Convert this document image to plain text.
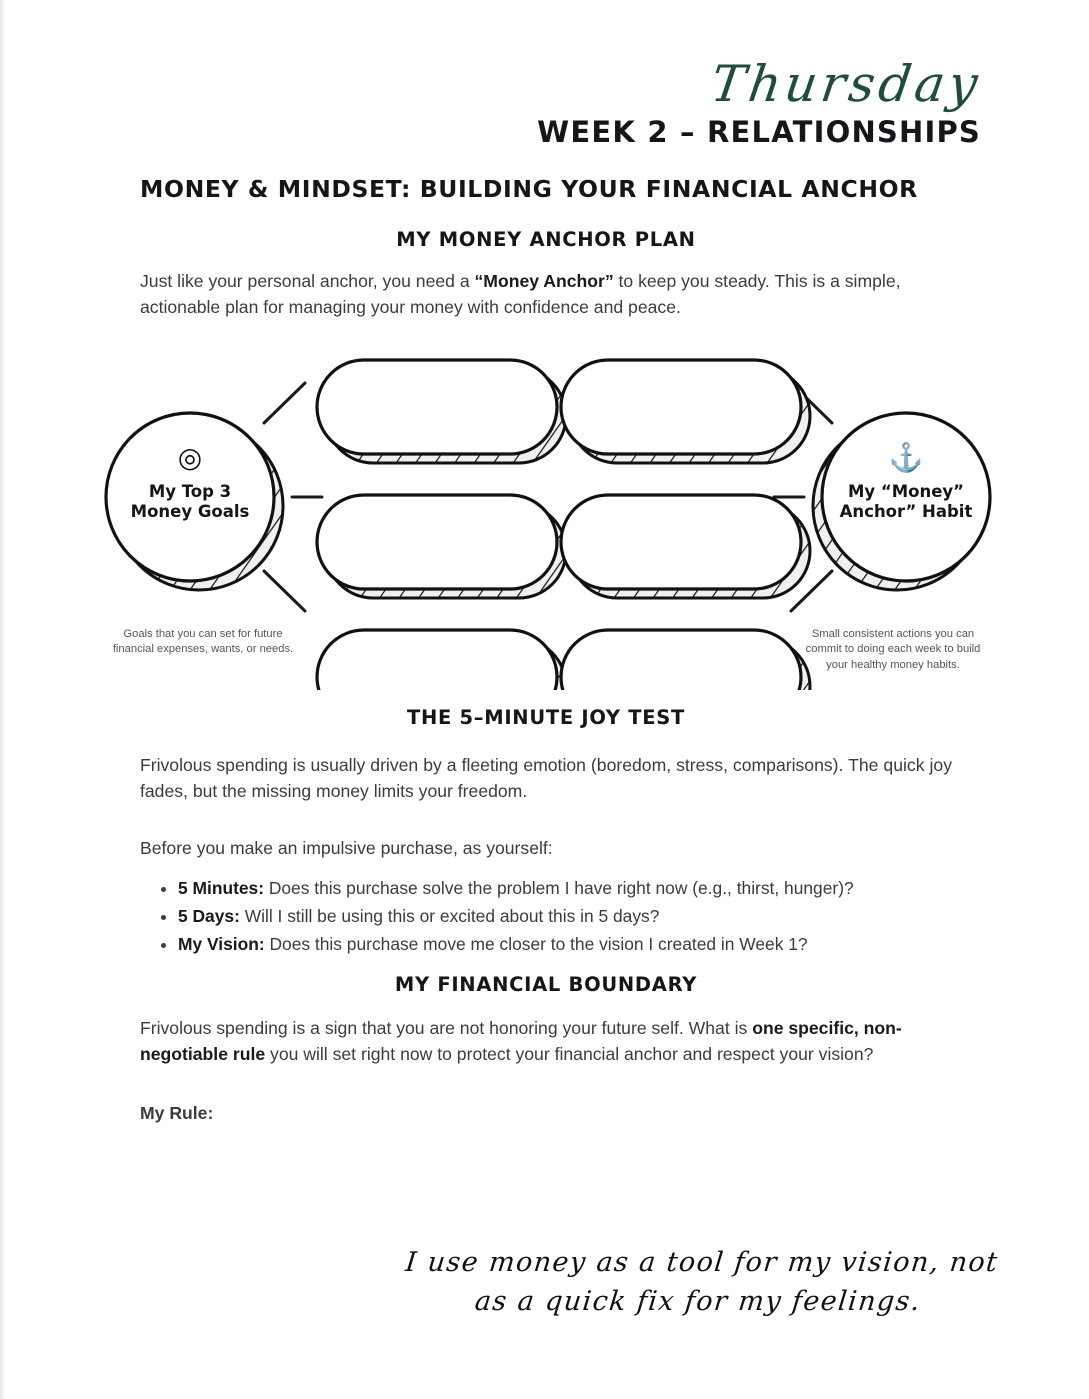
Thursday
WEEK 2 – RELATIONSHIPS
MONEY & MINDSET: BUILDING YOUR FINANCIAL ANCHOR
MY MONEY ANCHOR PLAN

Just like your personal anchor, you need a “Money Anchor” to keep you steady. This is a simple, actionable plan for managing your money with confidence and peace.

◎
My Top 3
Money Goals
⚓
My “Money”
Anchor” Habit
Goals that you can set for future financial expenses, wants, or needs.
Small consistent actions you can commit to doing each week to build your healthy money habits.
THE 5–MINUTE JOY TEST

Frivolous spending is usually driven by a fleeting emotion (boredom, stress, comparisons). The quick joy fades, but the missing money limits your freedom.

Before you make an impulsive purchase, as yourself:

• 5 Minutes: Does this purchase solve the problem I have right now (e.g., thirst, hunger)?
• 5 Days: Will I still be using this or excited about this in 5 days?
• My Vision: Does this purchase move me closer to the vision I created in Week 1?
MY FINANCIAL BOUNDARY

Frivolous spending is a sign that you are not honoring your future self. What is one specific, non-negotiable rule you will set right now to protect your financial anchor and respect your vision?

My Rule:

I use money as a tool for my vision, not
as a quick fix for my feelings.
